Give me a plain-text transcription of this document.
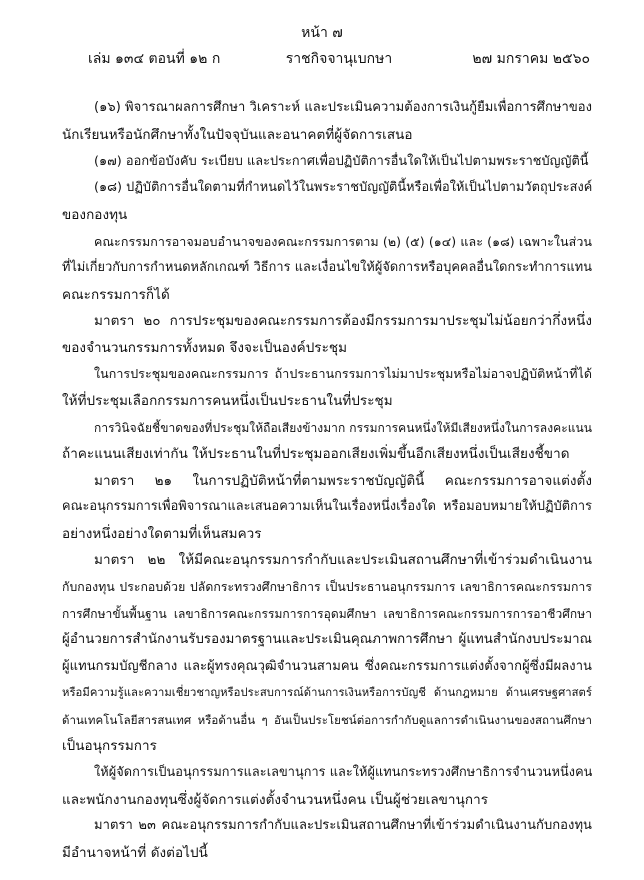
หน้า ๗
เล่ม ๑๓๔ ตอนที่ ๑๒ ก	ราชกิจจานุเบกษา	๒๗ มกราคม ๒๕๖๐
(๑๖) พิจารณาผลการศึกษา วิเคราะห์ และประเมินความต้องการเงินกู้ยืมเพื่อการศึกษาของ
นักเรียนหรือนักศึกษาทั้งในปัจจุบันและอนาคตที่ผู้จัดการเสนอ
(๑๗) ออกข้อบังคับ ระเบียบ และประกาศเพื่อปฏิบัติการอื่นใดให้เป็นไปตามพระราชบัญญัตินี้
(๑๘) ปฏิบัติการอื่นใดตามที่กำหนดไว้ในพระราชบัญญัตินี้หรือเพื่อให้เป็นไปตามวัตถุประสงค์
ของกองทุน
คณะกรรมการอาจมอบอำนาจของคณะกรรมการตาม (๒) (๕) (๑๔) และ (๑๘) เฉพาะในส่วน
ที่ไม่เกี่ยวกับการกำหนดหลักเกณฑ์ วิธีการ และเงื่อนไขให้ผู้จัดการหรือบุคคลอื่นใดกระทำการแทน
คณะกรรมการก็ได้
มาตรา ๒๐ การประชุมของคณะกรรมการต้องมีกรรมการมาประชุมไม่น้อยกว่ากึ่งหนึ่ง
ของจำนวนกรรมการทั้งหมด จึงจะเป็นองค์ประชุม
ในการประชุมของคณะกรรมการ ถ้าประธานกรรมการไม่มาประชุมหรือไม่อาจปฏิบัติหน้าที่ได้
ให้ที่ประชุมเลือกกรรมการคนหนึ่งเป็นประธานในที่ประชุม
การวินิจฉัยชี้ขาดของที่ประชุมให้ถือเสียงข้างมาก กรรมการคนหนึ่งให้มีเสียงหนึ่งในการลงคะแนน
ถ้าคะแนนเสียงเท่ากัน ให้ประธานในที่ประชุมออกเสียงเพิ่มขึ้นอีกเสียงหนึ่งเป็นเสียงชี้ขาด
มาตรา ๒๑ ในการปฏิบัติหน้าที่ตามพระราชบัญญัตินี้ คณะกรรมการอาจแต่งตั้ง
คณะอนุกรรมการเพื่อพิจารณาและเสนอความเห็นในเรื่องหนึ่งเรื่องใด หรือมอบหมายให้ปฏิบัติการ
อย่างหนึ่งอย่างใดตามที่เห็นสมควร
มาตรา ๒๒ ให้มีคณะอนุกรรมการกำกับและประเมินสถานศึกษาที่เข้าร่วมดำเนินงาน
กับกองทุน ประกอบด้วย ปลัดกระทรวงศึกษาธิการ เป็นประธานอนุกรรมการ เลขาธิการคณะกรรมการ
การศึกษาขั้นพื้นฐาน เลขาธิการคณะกรรมการการอุดมศึกษา เลขาธิการคณะกรรมการการอาชีวศึกษา
ผู้อำนวยการสำนักงานรับรองมาตรฐานและประเมินคุณภาพการศึกษา ผู้แทนสำนักงบประมาณ
ผู้แทนกรมบัญชีกลาง และผู้ทรงคุณวุฒิจำนวนสามคน ซึ่งคณะกรรมการแต่งตั้งจากผู้ซึ่งมีผลงาน
หรือมีความรู้และความเชี่ยวชาญหรือประสบการณ์ด้านการเงินหรือการบัญชี ด้านกฎหมาย ด้านเศรษฐศาสตร์
ด้านเทคโนโลยีสารสนเทศ หรือด้านอื่น ๆ อันเป็นประโยชน์ต่อการกำกับดูแลการดำเนินงานของสถานศึกษา
เป็นอนุกรรมการ
ให้ผู้จัดการเป็นอนุกรรมการและเลขานุการ และให้ผู้แทนกระทรวงศึกษาธิการจำนวนหนึ่งคน
และพนักงานกองทุนซึ่งผู้จัดการแต่งตั้งจำนวนหนึ่งคน เป็นผู้ช่วยเลขานุการ
มาตรา ๒๓ คณะอนุกรรมการกำกับและประเมินสถานศึกษาที่เข้าร่วมดำเนินงานกับกองทุน
มีอำนาจหน้าที่ ดังต่อไปนี้
